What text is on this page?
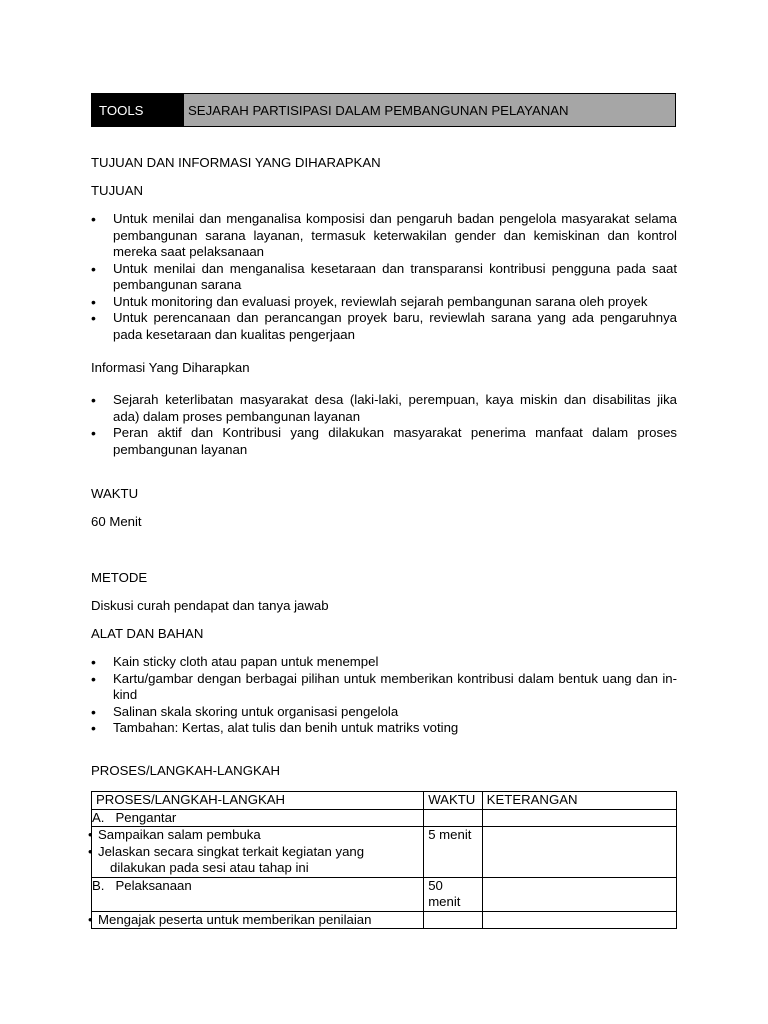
TOOLS	SEJARAH PARTISIPASI DALAM PEMBANGUNAN PELAYANAN
TUJUAN DAN INFORMASI YANG DIHARAPKAN
TUJUAN
• Untuk menilai dan menganalisa komposisi dan pengaruh badan pengelola masyarakat selama pembangunan sarana layanan, termasuk keterwakilan gender dan kemiskinan dan kontrol mereka saat pelaksanaan
• Untuk menilai dan menganalisa kesetaraan dan transparansi kontribusi pengguna pada saat pembangunan sarana
• Untuk monitoring dan evaluasi proyek, reviewlah sejarah pembangunan sarana oleh proyek
• Untuk perencanaan dan perancangan proyek baru, reviewlah sarana yang ada pengaruhnya pada kesetaraan dan kualitas pengerjaan
Informasi Yang Diharapkan
• Sejarah keterlibatan masyarakat desa (laki-laki, perempuan, kaya miskin dan disabilitas jika ada) dalam proses pembangunan layanan
• Peran aktif dan Kontribusi yang dilakukan masyarakat penerima manfaat dalam proses pembangunan layanan
WAKTU
60 Menit
METODE
Diskusi curah pendapat dan tanya jawab
ALAT DAN BAHAN
• Kain sticky cloth atau papan untuk menempel
• Kartu/gambar dengan berbagai pilihan untuk memberikan kontribusi dalam bentuk uang dan in-kind
• Salinan skala skoring untuk organisasi pengelola
• Tambahan: Kertas, alat tulis dan benih untuk matriks voting
PROSES/LANGKAH-LANGKAH
PROSES/LANGKAH-LANGKAH	WAKTU	KETERANGAN
A.   Pengantar		

• Sampaikan salam pembuka
• Jelaskan secara singkat terkait kegiatan yang
dilakukan pada sesi atau tahap ini	5 menit	
B.   Pelaksanaan	50
menit	

• Mengajak peserta untuk memberikan penilaian		
